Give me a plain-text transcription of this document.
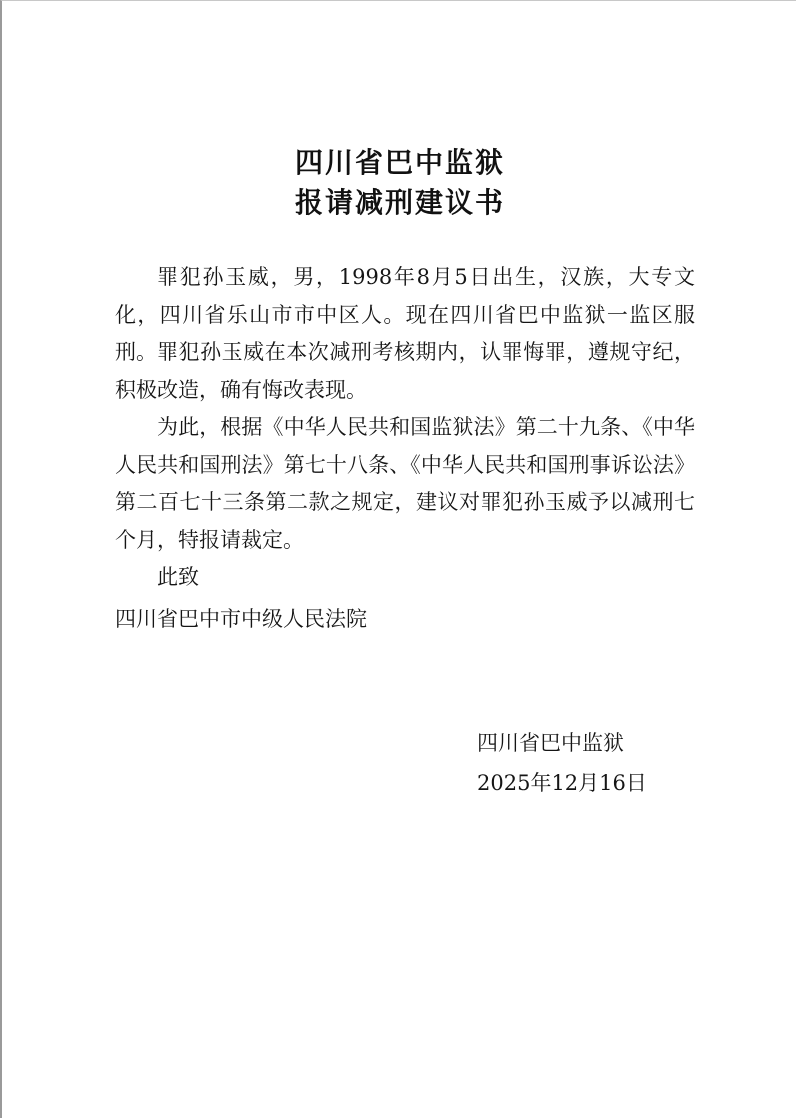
四川省巴中监狱
报请减刑建议书

罪犯孙玉威，男，1998年8月5日出生，汉族，大专文化，四川省乐山市市中区人。现在四川省巴中监狱一监区服刑。 罪犯孙玉威在本次减刑考核期内，认罪悔罪，遵规守纪，积极改造，确有悔改表现。

为此，根据《中华人民共和国监狱法》第二十九条、《中华人民共和国刑法》第七十八条、《中华人民共和国刑事诉讼法》第二百七十三条第二款之规定，建议对罪犯孙玉威予以减刑七个月，特报请裁定。

此致
四川省巴中市中级人民法院
四川省巴中监狱
2025年12月16日
